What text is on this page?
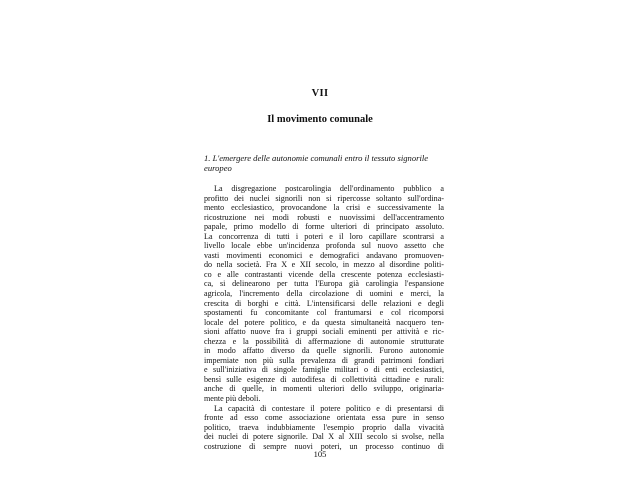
VII
Il movimento comunale
1. L'emergere delle autonomie comunali entro il tessuto signorile
europeo
La disgregazione postcarolingia dell'ordinamento pubblico a
profitto dei nuclei signorili non si ripercosse soltanto sull'ordina-
mento ecclesiastico, provocandone la crisi e successivamente la
ricostruzione nei modi robusti e nuovissimi dell'accentramento
papale, primo modello di forme ulteriori di principato assoluto.
La concorrenza di tutti i poteri e il loro capillare scontrarsi a
livello locale ebbe un'incidenza profonda sul nuovo assetto che
vasti movimenti economici e demografici andavano promuoven-
do nella società. Fra X e XII secolo, in mezzo al disordine politi-
co e alle contrastanti vicende della crescente potenza ecclesiasti-
ca, si delinearono per tutta l'Europa già carolingia l'espansione
agricola, l'incremento della circolazione di uomini e merci, la
crescita di borghi e città. L'intensificarsi delle relazioni e degli
spostamenti fu concomitante col frantumarsi e col ricomporsi
locale del potere politico, e da questa simultaneità nacquero ten-
sioni affatto nuove fra i gruppi sociali eminenti per attività e ric-
chezza e la possibilità di affermazione di autonomie strutturate
in modo affatto diverso da quelle signorili. Furono autonomie
imperniate non più sulla prevalenza di grandi patrimoni fondiari
e sull'iniziativa di singole famiglie militari o di enti ecclesiastici,
bensì sulle esigenze di autodifesa di collettività cittadine e rurali:
anche di quelle, in momenti ulteriori dello sviluppo, originaria-
mente più deboli.
La capacità di contestare il potere politico e di presentarsi di
fronte ad esso come associazione orientata essa pure in senso
politico, traeva indubbiamente l'esempio proprio dalla vivacità
dei nuclei di potere signorile. Dal X al XIII secolo si svolse, nella
costruzione di sempre nuovi poteri, un processo continuo di
105
